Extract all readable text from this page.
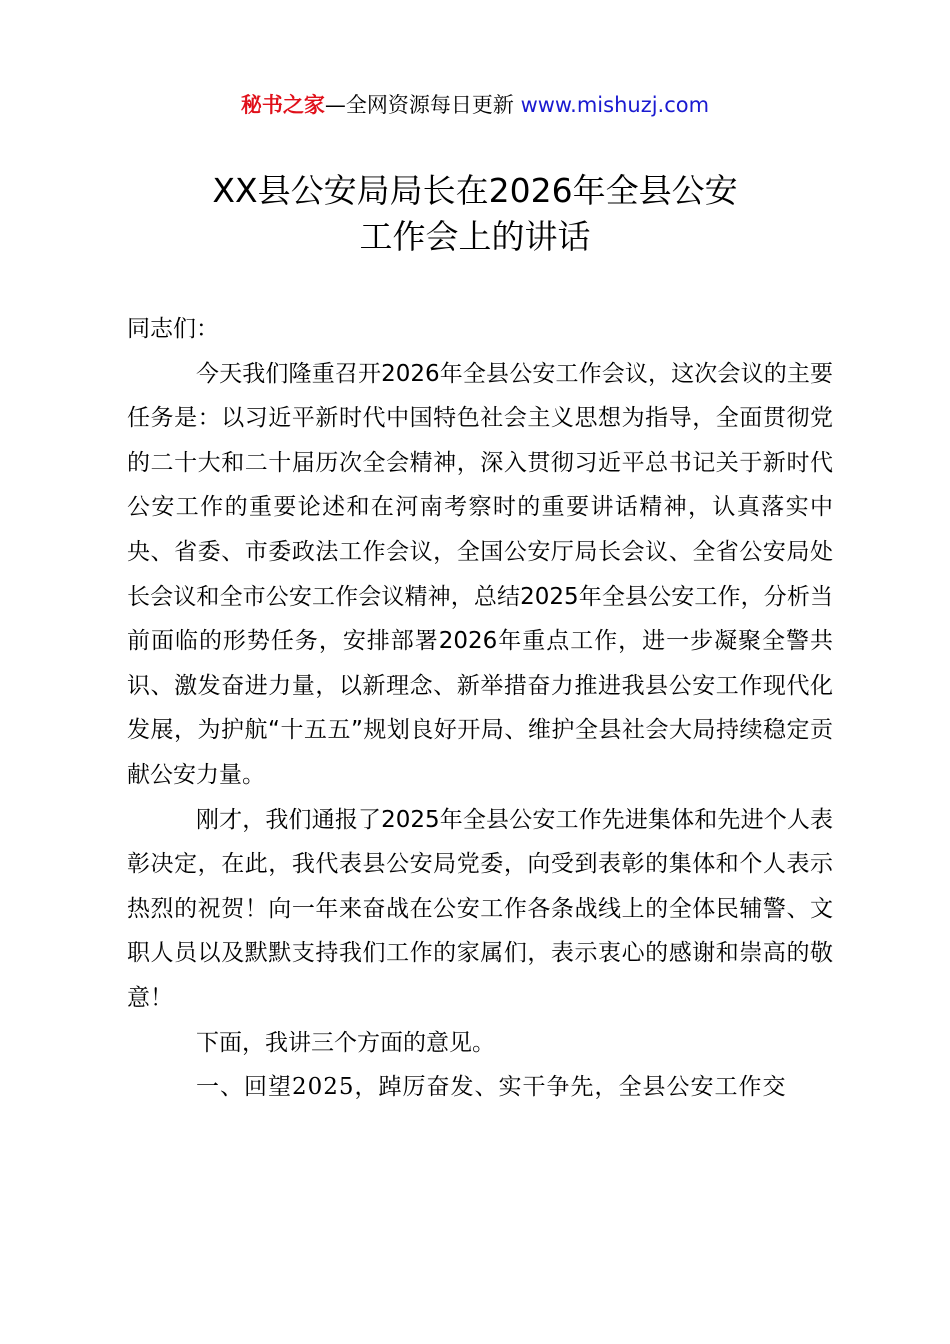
秘书之家—全网资源每日更新 www.mishuzj.com
XX县公安局局长在2026年全县公安
工作会上的讲话

同志们：

今天我们隆重召开2026年全县公安工作会议，这次会议的主要任务是：以习近平新时代中国特色社会主义思想为指导，全面贯彻党的二十大和二十届历次全会精神，深入贯彻习近平总书记关于新时代公安工作的重要论述和在河南考察时的重要讲话精神，认真落实中央、省委、市委政法工作会议，全国公安厅局长会议、全省公安局处长会议和全市公安工作会议精神，总结2025年全县公安工作，分析当前面临的形势任务，安排部署2026年重点工作，进一步凝聚全警共识、激发奋进力量，以新理念、新举措奋力推进我县公安工作现代化发展，为护航“十五五”规划良好开局、维护全县社会大局持续稳定贡献公安力量。

刚才，我们通报了2025年全县公安工作先进集体和先进个人表彰决定，在此，我代表县公安局党委，向受到表彰的集体和个人表示热烈的祝贺！向一年来奋战在公安工作各条战线上的全体民辅警、文职人员以及默默支持我们工作的家属们，表示衷心的感谢和崇高的敬意！

下面，我讲三个方面的意见。

一、回望2025，踔厉奋发、实干争先，全县公安工作交
